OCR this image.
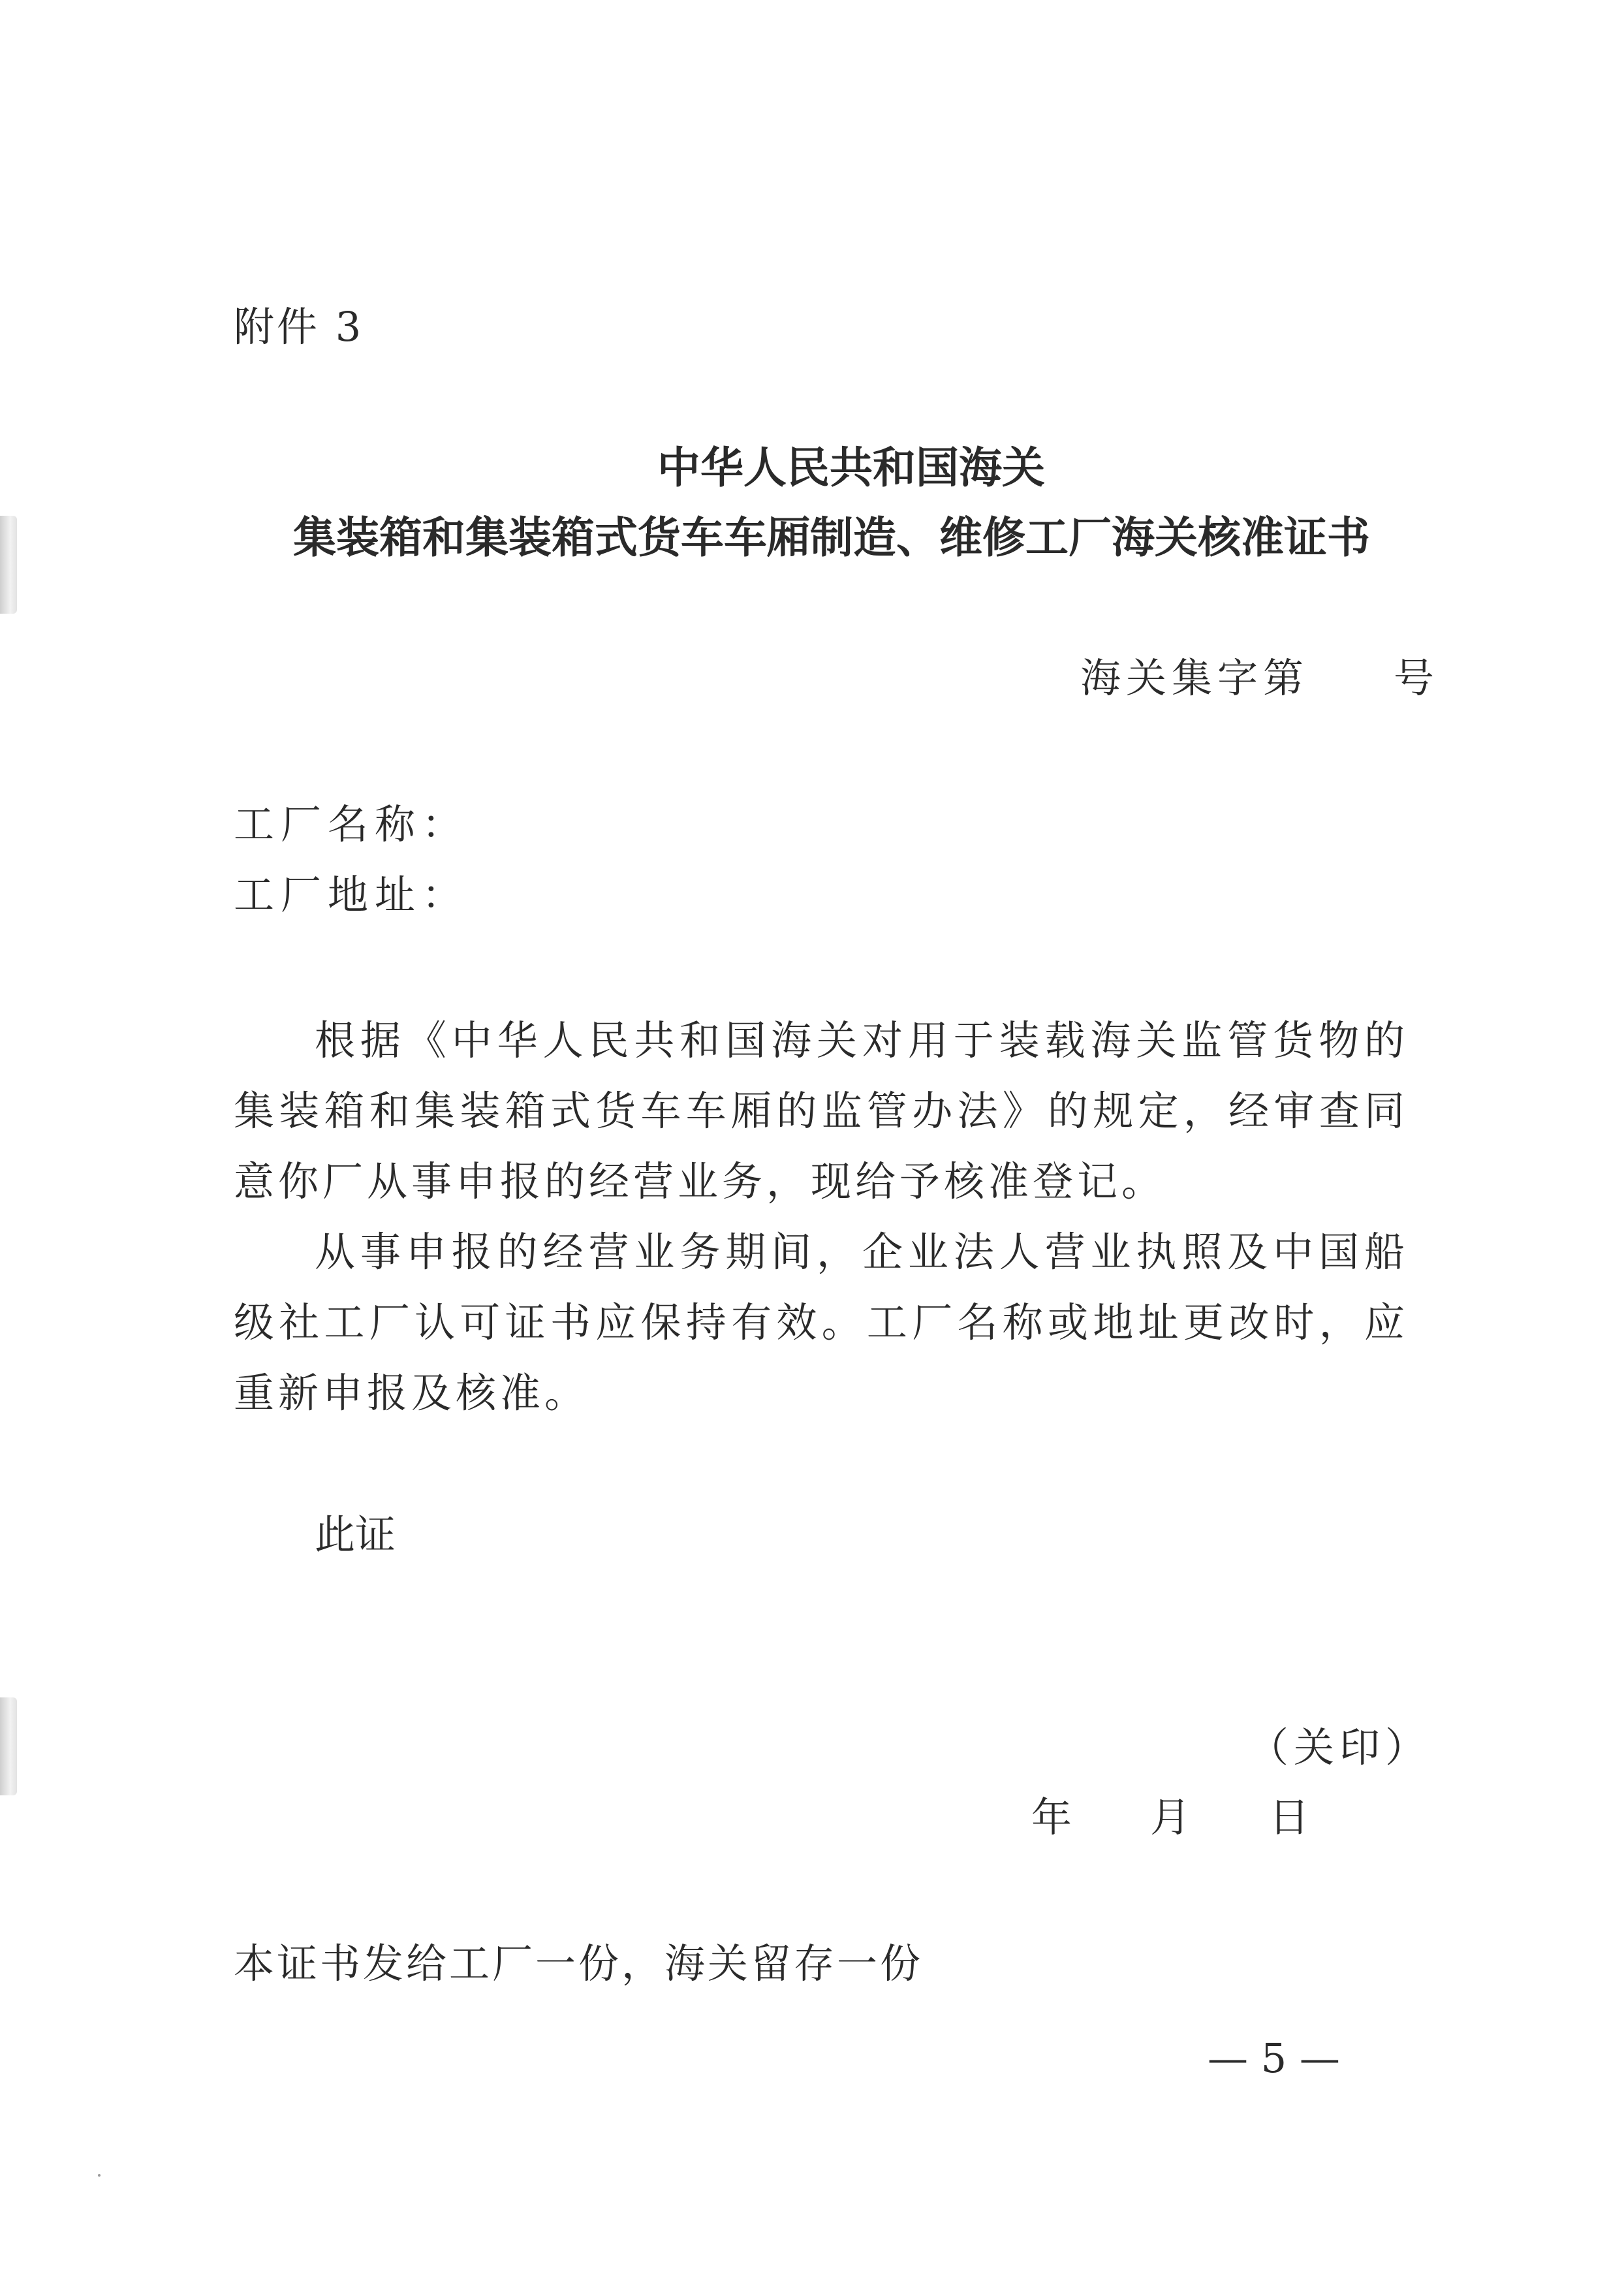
附件 3
中华人民共和国海关
集装箱和集装箱式货车车厢制造、维修工厂海关核准证书
海关集字第 号
工厂名称：
工厂地址：
根据《中华人民共和国海关对用于装载海关监管货物的集装箱和集装箱式货车车厢的监管办法》的规定，经审查同意你厂从事申报的经营业务，现给予核准登记。
从事申报的经营业务期间，企业法人营业执照及中国船级社工厂认可证书应保持有效。工厂名称或地址更改时，应重新申报及核准。
此证
（关印）
年 月 日
本证书发给工厂一份，海关留存一份
— 5 —
